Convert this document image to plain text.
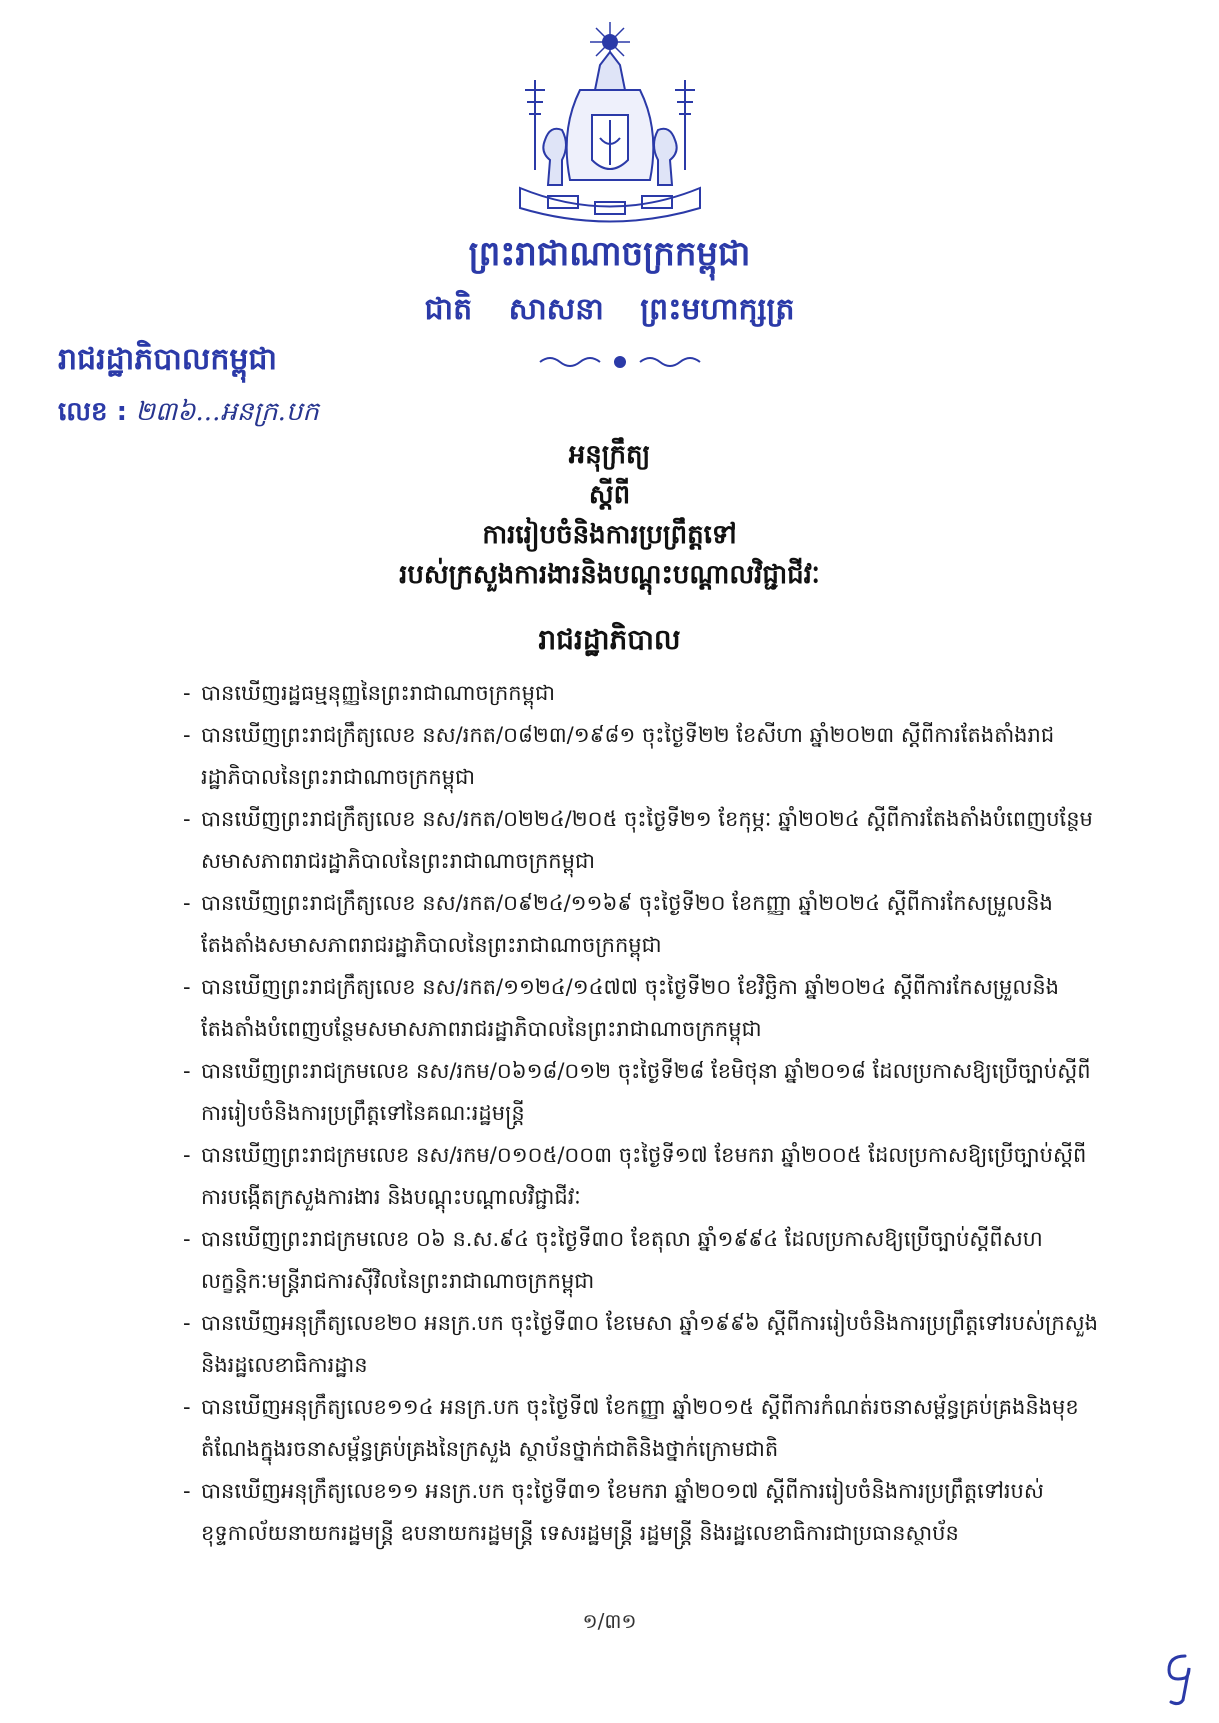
ព្រះរាជាណាចក្រកម្ពុជា
ជាតិ សាសនា ព្រះមហាក្សត្រ
រាជរដ្ឋាភិបាលកម្ពុជា
លេខ : ២៣៦...អនក្រ.បក
អនុក្រឹត្យ
ស្តីពី
ការរៀបចំនិងការប្រព្រឹត្តទៅ
របស់ក្រសួងការងារនិងបណ្តុះបណ្តាលវិជ្ជាជីវៈ
រាជរដ្ឋាភិបាល
- បានឃើញរដ្ឋធម្មនុញ្ញនៃព្រះរាជាណាចក្រកម្ពុជា
- បានឃើញព្រះរាជក្រឹត្យលេខ នស/រកត/០៨២៣/១៩៨១ ចុះថ្ងៃទី២២ ខែសីហា ឆ្នាំ២០២៣ ស្តីពីការតែងតាំងរាជរដ្ឋាភិបាលនៃព្រះរាជាណាចក្រកម្ពុជា
- បានឃើញព្រះរាជក្រឹត្យលេខ នស/រកត/០២២៤/២០៥ ចុះថ្ងៃទី២១ ខែកុម្ភៈ ឆ្នាំ២០២៤ ស្តីពីការតែងតាំងបំពេញបន្ថែមសមាសភាពរាជរដ្ឋាភិបាលនៃព្រះរាជាណាចក្រកម្ពុជា
- បានឃើញព្រះរាជក្រឹត្យលេខ នស/រកត/០៩២៤/១១៦៩ ចុះថ្ងៃទី២០ ខែកញ្ញា ឆ្នាំ២០២៤ ស្តីពីការកែសម្រួលនិងតែងតាំងសមាសភាពរាជរដ្ឋាភិបាលនៃព្រះរាជាណាចក្រកម្ពុជា
- បានឃើញព្រះរាជក្រឹត្យលេខ នស/រកត/១១២៤/១៤៧៧ ចុះថ្ងៃទី២០ ខែវិច្ឆិកា ឆ្នាំ២០២៤ ស្តីពីការកែសម្រួលនិងតែងតាំងបំពេញបន្ថែមសមាសភាពរាជរដ្ឋាភិបាលនៃព្រះរាជាណាចក្រកម្ពុជា
- បានឃើញព្រះរាជក្រមលេខ នស/រកម/០៦១៨/០១២ ចុះថ្ងៃទី២៨ ខែមិថុនា ឆ្នាំ២០១៨ ដែលប្រកាសឱ្យប្រើច្បាប់ស្តីពីការរៀបចំនិងការប្រព្រឹត្តទៅនៃគណៈរដ្ឋមន្ត្រី
- បានឃើញព្រះរាជក្រមលេខ នស/រកម/០១០៥/០០៣ ចុះថ្ងៃទី១៧ ខែមករា ឆ្នាំ២០០៥ ដែលប្រកាសឱ្យប្រើច្បាប់ស្តីពីការបង្កើតក្រសួងការងារ និងបណ្តុះបណ្តាលវិជ្ជាជីវៈ
- បានឃើញព្រះរាជក្រមលេខ ០៦ ន.ស.៩៤ ចុះថ្ងៃទី៣០ ខែតុលា ឆ្នាំ១៩៩៤ ដែលប្រកាសឱ្យប្រើច្បាប់ស្តីពីសហលក្ខន្តិកៈមន្ត្រីរាជការស៊ីវិលនៃព្រះរាជាណាចក្រកម្ពុជា
- បានឃើញអនុក្រឹត្យលេខ២០ អនក្រ.បក ចុះថ្ងៃទី៣០ ខែមេសា ឆ្នាំ១៩៩៦ ស្តីពីការរៀបចំនិងការប្រព្រឹត្តទៅរបស់ក្រសួងនិងរដ្ឋលេខាធិការដ្ឋាន
- បានឃើញអនុក្រឹត្យលេខ១១៤ អនក្រ.បក ចុះថ្ងៃទី៧ ខែកញ្ញា ឆ្នាំ២០១៥ ស្តីពីការកំណត់រចនាសម្ព័ន្ធគ្រប់គ្រងនិងមុខតំណែងក្នុងរចនាសម្ព័ន្ធគ្រប់គ្រងនៃក្រសួង ស្ថាប័នថ្នាក់ជាតិនិងថ្នាក់ក្រោមជាតិ
- បានឃើញអនុក្រឹត្យលេខ១១ អនក្រ.បក ចុះថ្ងៃទី៣១ ខែមករា ឆ្នាំ២០១៧ ស្តីពីការរៀបចំនិងការប្រព្រឹត្តទៅរបស់ខុទ្ទកាល័យនាយករដ្ឋមន្ត្រី ឧបនាយករដ្ឋមន្ត្រី ទេសរដ្ឋមន្ត្រី រដ្ឋមន្ត្រី និងរដ្ឋលេខាធិការជាប្រធានស្ថាប័ន
១/៣១
